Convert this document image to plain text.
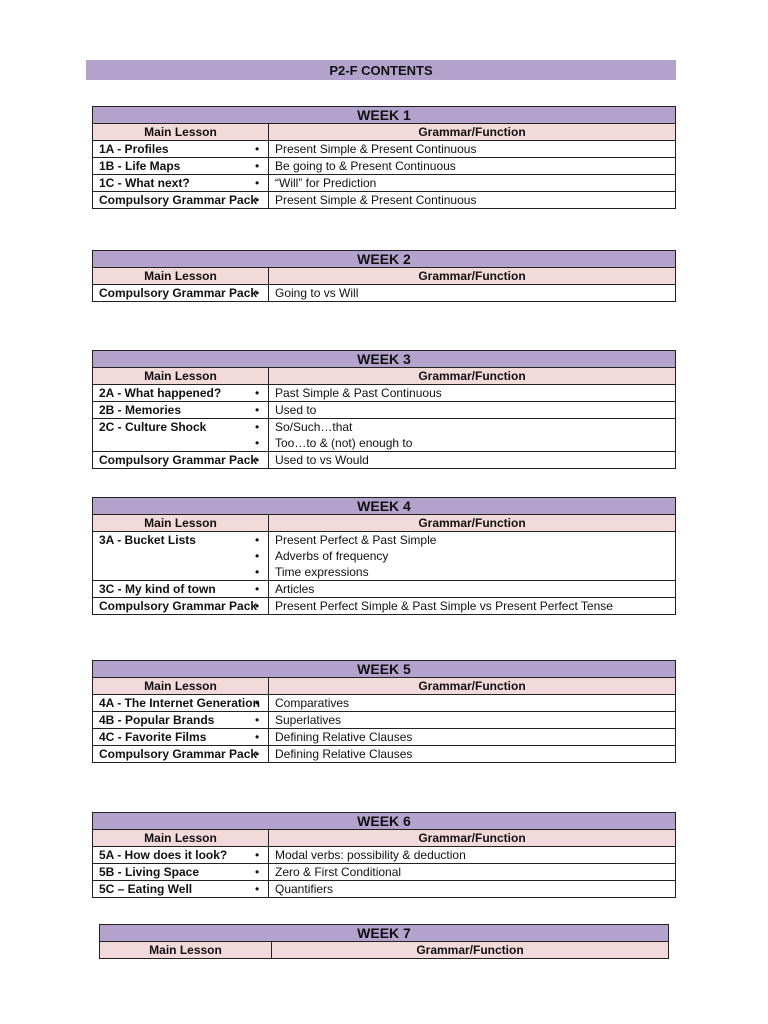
P2-F CONTENTS
WEEK 1	
Main Lesson	Grammar/Function
1A - Profiles	• Present Simple & Present Continuous

1B - Life Maps	• Be going to & Present Continuous

1C - What next?	• “Will” for Prediction

Compulsory Grammar Pack	• Present Simple & Present Continuous
WEEK 2	
Main Lesson	Grammar/Function
Compulsory Grammar Pack	• Going to vs Will
WEEK 3	
Main Lesson	Grammar/Function
2A - What happened?	• Past Simple & Past Continuous

2B - Memories	• Used to

2C - Culture Shock	• So/Such…that
• Too…to & (not) enough to

Compulsory Grammar Pack	• Used to vs Would
WEEK 4	
Main Lesson	Grammar/Function
3A - Bucket Lists	• Present Perfect & Past Simple
• Adverbs of frequency
• Time expressions

3C - My kind of town	• Articles

Compulsory Grammar Pack	• Present Perfect Simple & Past Simple vs Present Perfect Tense
WEEK 5	
Main Lesson	Grammar/Function
4A - The Internet Generation	• Comparatives

4B - Popular Brands	• Superlatives

4C - Favorite Films	• Defining Relative Clauses

Compulsory Grammar Pack	• Defining Relative Clauses
WEEK 6	
Main Lesson	Grammar/Function
5A - How does it look?	• Modal verbs: possibility & deduction

5B - Living Space	• Zero & First Conditional

5C – Eating Well	• Quantifiers
WEEK 7
Main Lesson	Grammar/Function
